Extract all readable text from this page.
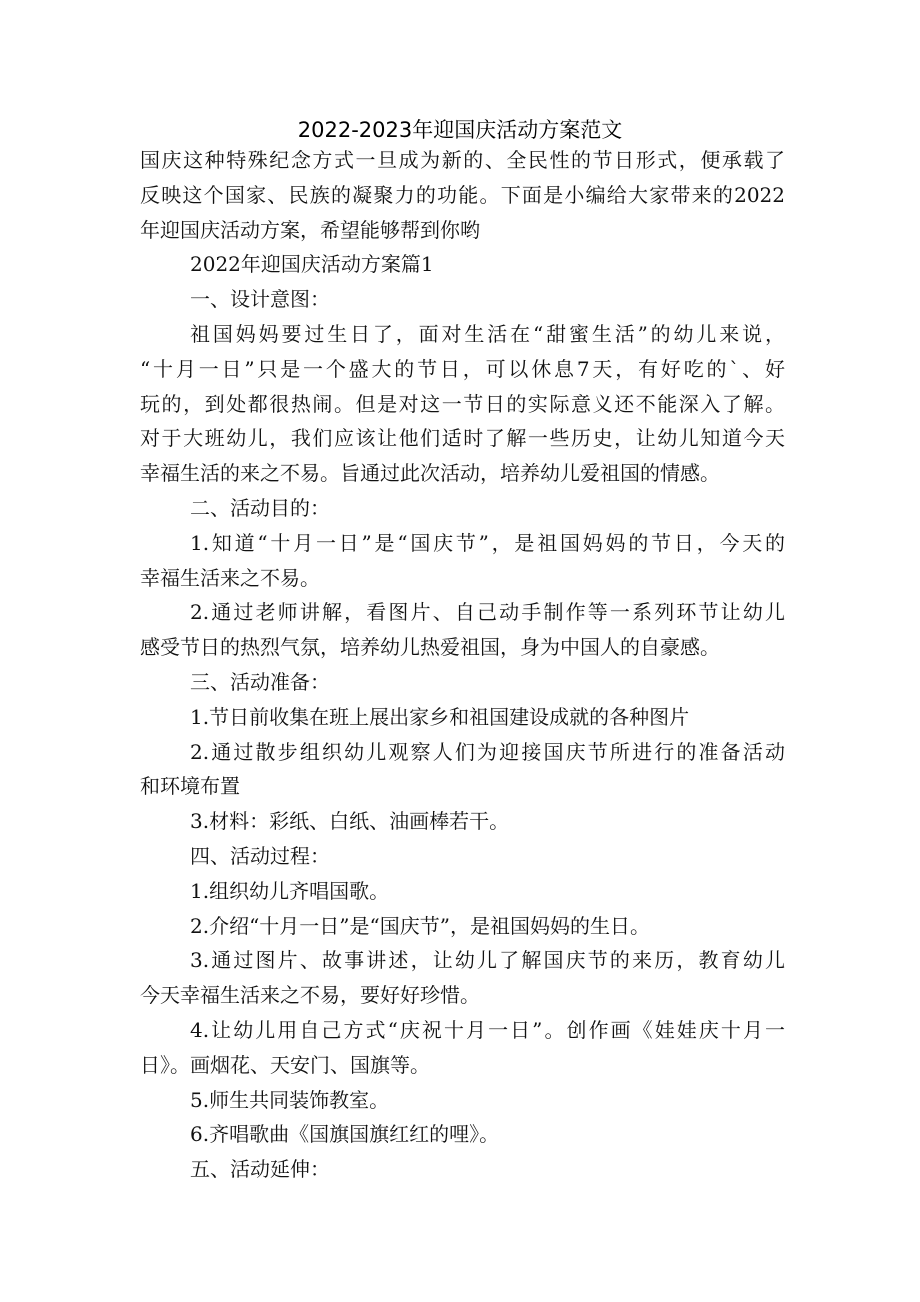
2022-2023年迎国庆活动方案范文
国庆这种特殊纪念方式一旦成为新的、全民性的节日形式，便承载了
反映这个国家、民族的凝聚力的功能。下面是小编给大家带来的2022
年迎国庆活动方案，希望能够帮到你哟
2022年迎国庆活动方案篇1
一、设计意图：
祖国妈妈要过生日了，面对生活在“甜蜜生活”的幼儿来说，
“十月一日”只是一个盛大的节日，可以休息7天，有好吃的`、好
玩的，到处都很热闹。但是对这一节日的实际意义还不能深入了解。
对于大班幼儿，我们应该让他们适时了解一些历史，让幼儿知道今天
幸福生活的来之不易。旨通过此次活动，培养幼儿爱祖国的情感。
二、活动目的：
1.知道“十月一日”是“国庆节”，是祖国妈妈的节日，今天的
幸福生活来之不易。
2.通过老师讲解，看图片、自己动手制作等一系列环节让幼儿
感受节日的热烈气氛，培养幼儿热爱祖国，身为中国人的自豪感。
三、活动准备：
1.节日前收集在班上展出家乡和祖国建设成就的各种图片
2.通过散步组织幼儿观察人们为迎接国庆节所进行的准备活动
和环境布置
3.材料：彩纸、白纸、油画棒若干。
四、活动过程：
1.组织幼儿齐唱国歌。
2.介绍“十月一日”是“国庆节”，是祖国妈妈的生日。
3.通过图片、故事讲述，让幼儿了解国庆节的来历，教育幼儿
今天幸福生活来之不易，要好好珍惜。
4.让幼儿用自己方式“庆祝十月一日”。创作画《娃娃庆十月一
日》。画烟花、天安门、国旗等。
5.师生共同装饰教室。
6.齐唱歌曲《国旗国旗红红的哩》。
五、活动延伸：
